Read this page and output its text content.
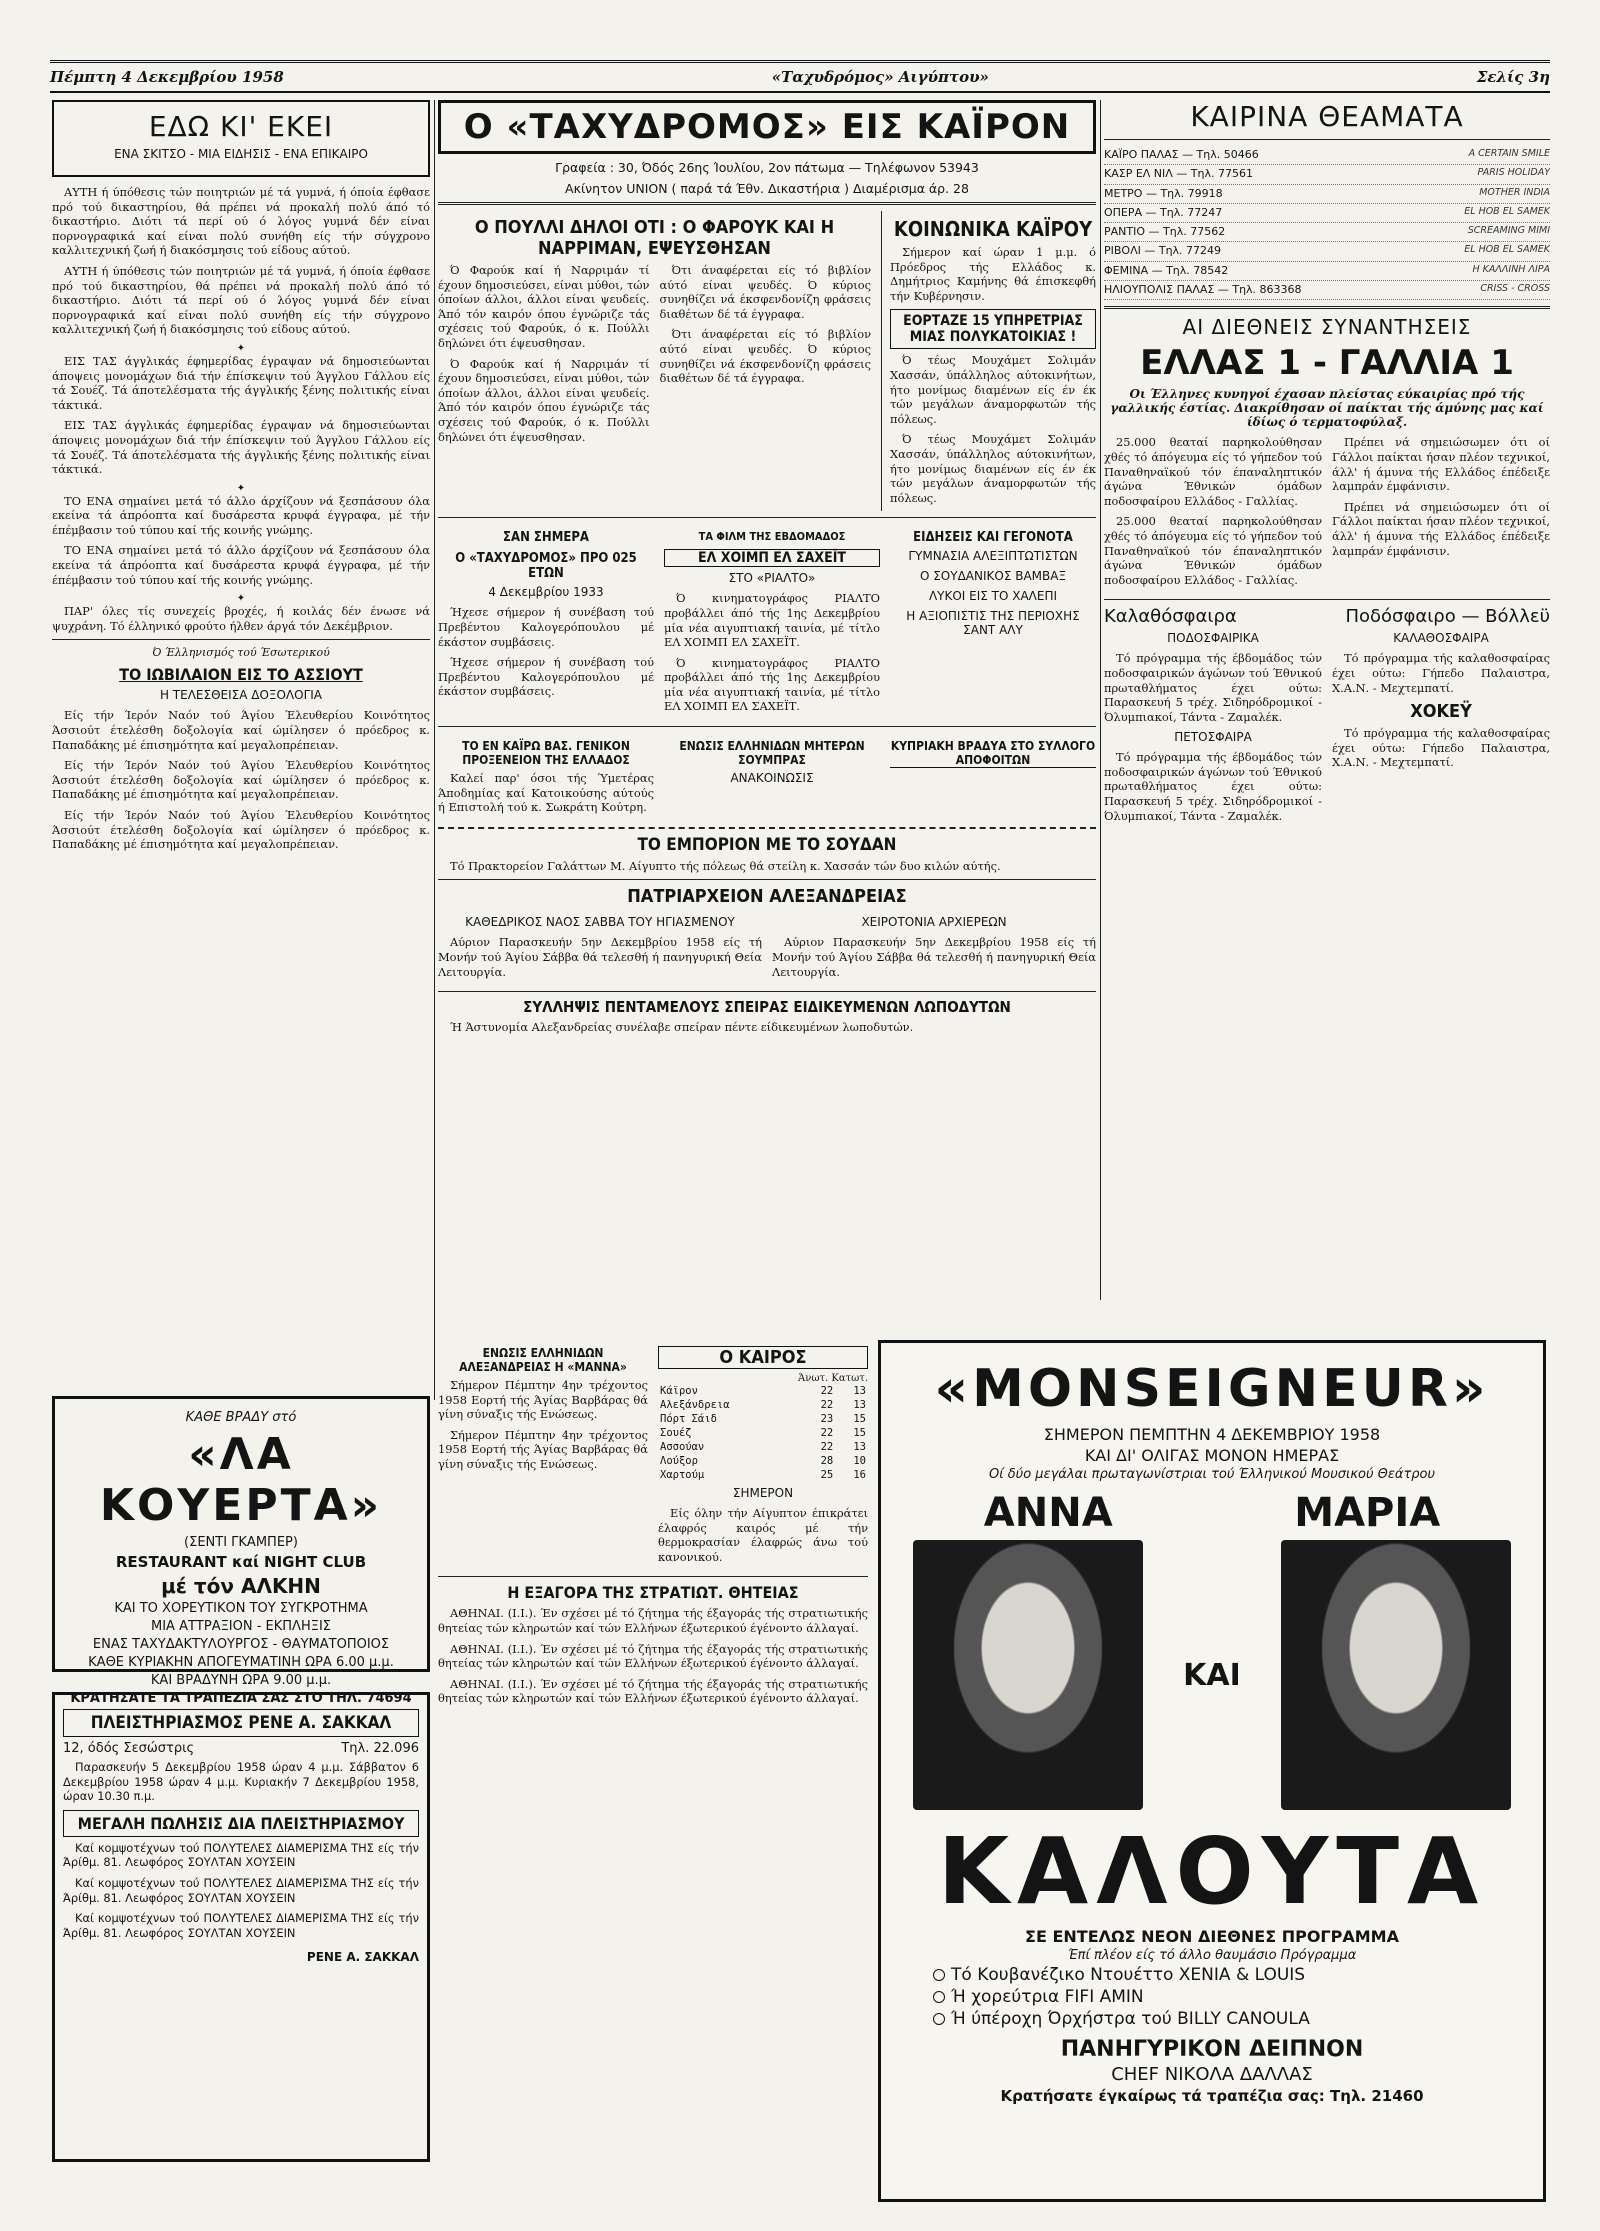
Πέμπτη 4 Δεκεμβρίου 1958	«Ταχυδρόμος» Αιγύπτου»	Σελίς 3η
ΕΔΩ ΚΙ' ΕΚΕΙ
ΕΝΑ ΣΚΙΤΣΟ - ΜΙΑ ΕΙΔΗΣΙΣ - ΕΝΑ ΕΠΙΚΑΙΡΟ

ΑΥΤΗ ή ύπόθεσις τών ποιητριών μέ τά γυμνά, ή όποία έφθασε πρό τού δικαστηρίου, θά πρέπει νά προκαλή πολύ άπό τό δικαστήριο. Διότι τά περί ού ό λόγος γυμνά δέν είναι πορνογραφικά καί είναι πολύ συνήθη είς τήν σύγχρονο καλλιτεχνική ζωή ή διακόσμησις τού είδους αύτού.

ΑΥΤΗ ή ύπόθεσις τών ποιητριών μέ τά γυμνά, ή όποία έφθασε πρό τού δικαστηρίου, θά πρέπει νά προκαλή πολύ άπό τό δικαστήριο. Διότι τά περί ού ό λόγος γυμνά δέν είναι πορνογραφικά καί είναι πολύ συνήθη είς τήν σύγχρονο καλλιτεχνική ζωή ή διακόσμησις τού είδους αύτού.

✦

ΕΙΣ ΤΑΣ άγγλικάς έφημερίδας έγραψαν νά δημοσιεύωνται άποψεις μονομάχων διά τήν έπίσκεψιν τού Άγγλου Γάλλου είς τά Σουέζ. Τά άποτελέσματα τής άγγλικής ξένης πολιτικής είναι τάκτικά.

ΕΙΣ ΤΑΣ άγγλικάς έφημερίδας έγραψαν νά δημοσιεύωνται άποψεις μονομάχων διά τήν έπίσκεψιν τού Άγγλου Γάλλου είς τά Σουέζ. Τά άποτελέσματα τής άγγλικής ξένης πολιτικής είναι τάκτικά.

✦

ΤΟ ΕΝΑ σημαίνει μετά τό άλλο άρχίζουν νά ξεσπάσουν όλα εκείνα τά άπρόοπτα καί δυσάρεστα κρυφά έγγραφα, μέ τήν έπέμβασιν τού τύπου καί τής κοινής γνώμης.

ΤΟ ΕΝΑ σημαίνει μετά τό άλλο άρχίζουν νά ξεσπάσουν όλα εκείνα τά άπρόοπτα καί δυσάρεστα κρυφά έγγραφα, μέ τήν έπέμβασιν τού τύπου καί τής κοινής γνώμης.

✦

ΠΑΡ' όλες τίς συνεχείς βροχές, ή κοιλάς δέν ένωσε νά ψυχράνη. Τό έλληνικό φρούτο ήλθεν άργά τόν Δεκέμβριον.

Ό Έλληνισμός τού Έσωτερικού
ΤΟ ΙΩΒΙΛΑΙΟΝ ΕΙΣ ΤΟ ΑΣΣΙΟΥΤ
Η ΤΕΛΕΣΘΕΙΣΑ ΔΟΞΟΛΟΓΙΑ

Είς τήν Ίερόν Ναόν τού Άγίου Έλευθερίου Κοινότητος Άσσιούτ έτελέσθη δοξολογία καί ώμίλησεν ό πρόεδρος κ. Παπαδάκης μέ έπισημότητα καί μεγαλοπρέπειαν.

Είς τήν Ίερόν Ναόν τού Άγίου Έλευθερίου Κοινότητος Άσσιούτ έτελέσθη δοξολογία καί ώμίλησεν ό πρόεδρος κ. Παπαδάκης μέ έπισημότητα καί μεγαλοπρέπειαν.

Είς τήν Ίερόν Ναόν τού Άγίου Έλευθερίου Κοινότητος Άσσιούτ έτελέσθη δοξολογία καί ώμίλησεν ό πρόεδρος κ. Παπαδάκης μέ έπισημότητα καί μεγαλοπρέπειαν.

ΚΑΘΕ ΒΡΑΔΥ στό
«ΛΑ ΚΟΥΕΡΤΑ»
(ΣΕΝΤΙ ΓΚΑΜΠΕΡ)
RESTAURANT καί NIGHT CLUB
μέ τόν ΑΛΚΗΝ
ΚΑΙ ΤΟ ΧΟΡΕΥΤΙΚΟΝ ΤΟΥ ΣΥΓΚΡΟΤΗΜΑ
ΜΙΑ ΑΤΤΡΑΞΙΟΝ - ΕΚΠΛΗΞΙΣ
ΕΝΑΣ ΤΑΧΥΔΑΚΤΥΛΟΥΡΓΟΣ - ΘΑΥΜΑΤΟΠΟΙΟΣ
ΚΑΘΕ ΚΥΡΙΑΚΗΝ ΑΠΟΓΕΥΜΑΤΙΝΗ ΩΡΑ 6.00 μ.μ.
ΚΑΙ ΒΡΑΔΥΝΗ ΩΡΑ 9.00 μ.μ.
ΚΡΑΤΗΣΑΤΕ ΤΑ ΤΡΑΠΕΖΙΑ ΣΑΣ ΣΤΟ ΤΗΛ. 74694
ΠΛΕΙΣΤΗΡΙΑΣΜΟΣ ΡΕΝΕ Α. ΣΑΚΚΑΛ
12, όδός Σεσώστρις	Τηλ. 22.096

Παρασκευήν 5 Δεκεμβρίου 1958 ώραν 4 μ.μ. Σάββατον 6 Δεκεμβρίου 1958 ώραν 4 μ.μ. Κυριακήν 7 Δεκεμβρίου 1958, ώραν 10.30 π.μ.

ΜΕΓΑΛΗ ΠΩΛΗΣΙΣ ΔΙΑ ΠΛΕΙΣΤΗΡΙΑΣΜΟΥ

Καί κομψοτέχνων τού ΠΟΛΥΤΕΛΕΣ ΔΙΑΜΕΡΙΣΜΑ ΤΗΣ είς τήν Άρίθμ. 81. Λεωφόρος ΣΟΥΛΤΑΝ ΧΟΥΣΕΙΝ

Καί κομψοτέχνων τού ΠΟΛΥΤΕΛΕΣ ΔΙΑΜΕΡΙΣΜΑ ΤΗΣ είς τήν Άρίθμ. 81. Λεωφόρος ΣΟΥΛΤΑΝ ΧΟΥΣΕΙΝ

Καί κομψοτέχνων τού ΠΟΛΥΤΕΛΕΣ ΔΙΑΜΕΡΙΣΜΑ ΤΗΣ είς τήν Άρίθμ. 81. Λεωφόρος ΣΟΥΛΤΑΝ ΧΟΥΣΕΙΝ

ΡΕΝΕ Α. ΣΑΚΚΑΛ
Ο «ΤΑΧΥΔΡΟΜΟΣ» ΕΙΣ ΚΑΪΡΟΝ
Γραφεία : 30, Όδός 26ης Ίουλίου, 2ον πάτωμα — Τηλέφωνον 53943
Ακίνητον UNION ( παρά τά Έθν. Δικαστήρια ) Διαμέρισμα άρ. 28
Ο ΠΟΥΛΛΙ ΔΗΛΟΙ ΟΤΙ : Ο ΦΑΡΟΥΚ ΚΑΙ Η ΝΑΡΡΙΜΑΝ, ΕΨΕΥΣΘΗΣΑΝ

Ό Φαρούκ καί ή Ναρριμάν τί έχουν δημοσιεύσει, είναι μύθοι, τών όποίων άλλοι, άλλοι είναι ψευδείς. Άπό τόν καιρόν όπου έγνώριζε τάς σχέσεις τού Φαρούκ, ό κ. Πούλλι δηλώνει ότι έψευσθησαν.

Ό Φαρούκ καί ή Ναρριμάν τί έχουν δημοσιεύσει, είναι μύθοι, τών όποίων άλλοι, άλλοι είναι ψευδείς. Άπό τόν καιρόν όπου έγνώριζε τάς σχέσεις τού Φαρούκ, ό κ. Πούλλι δηλώνει ότι έψευσθησαν.

Ότι άναφέρεται είς τό βιβλίον αύτό είναι ψευδές. Ό κύριος συνηθίζει νά έκσφενδονίζη φράσεις διαθέτων δέ τά έγγραφα.

Ότι άναφέρεται είς τό βιβλίον αύτό είναι ψευδές. Ό κύριος συνηθίζει νά έκσφενδονίζη φράσεις διαθέτων δέ τά έγγραφα.

ΚΟΙΝΩΝΙΚΑ ΚΑΪΡΟΥ

Σήμερον καί ώραν 1 μ.μ. ό Πρόεδρος τής Ελλάδος κ. Δημήτριος Καμήνης θά έπισκεφθή τήν Κυβέρνησιν.

ΕΟΡΤΑΖΕ 15 ΥΠΗΡΕΤΡΙΑΣ ΜΙΑΣ ΠΟΛΥΚΑΤΟΙΚΙΑΣ !

Ό τέως Μουχάμετ Σολιμάν Χασσάν, ύπάλληλος αύτοκινήτων, ήτο μονίμως διαμένων είς έν έκ τών μεγάλων άναμορφωτών τής πόλεως.

Ό τέως Μουχάμετ Σολιμάν Χασσάν, ύπάλληλος αύτοκινήτων, ήτο μονίμως διαμένων είς έν έκ τών μεγάλων άναμορφωτών τής πόλεως.

ΣΑΝ ΣΗΜΕΡΑ
Ο «ΤΑΧΥΔΡΟΜΟΣ» ΠΡΟ 025 ΕΤΩΝ
4 Δεκεμβρίου 1933

Ήχεσε σήμερον ή συνέβαση τού Πρεβέντου Καλογερόπουλου μέ έκάστον συμβάσεις.

Ήχεσε σήμερον ή συνέβαση τού Πρεβέντου Καλογερόπουλου μέ έκάστον συμβάσεις.

ΤΑ ΦΙΛΜ ΤΗΣ ΕΒΔΟΜΑΔΟΣ
ΕΛ ΧΟΙΜΠ ΕΛ ΣΑΧΕΪΤ
ΣΤΟ «ΡΙΑΛΤΟ»

Ό κινηματογράφος ΡΙΑΛΤΟ προβάλλει άπό τής 1ης Δεκεμβρίου μία νέα αιγυπτιακή ταινία, μέ τίτλο ΕΛ ΧΟΙΜΠ ΕΛ ΣΑΧΕΪΤ.

Ό κινηματογράφος ΡΙΑΛΤΟ προβάλλει άπό τής 1ης Δεκεμβρίου μία νέα αιγυπτιακή ταινία, μέ τίτλο ΕΛ ΧΟΙΜΠ ΕΛ ΣΑΧΕΪΤ.

ΕΙΔΗΣΕΙΣ ΚΑΙ ΓΕΓΟΝΟΤΑ
ΓΥΜΝΑΣΙΑ ΑΛΕΞΙΠΤΩΤΙΣΤΩΝ
Ο ΣΟΥΔΑΝΙΚΟΣ ΒΑΜΒΑΞ
ΛΥΚΟΙ ΕΙΣ ΤΟ ΧΑΛΕΠΙ
Η ΑΞΙΟΠΙΣΤΙΣ ΤΗΣ ΠΕΡΙΟΧΗΣ ΣΑΝΤ ΑΛΥ
ΤΟ ΕΝ ΚΑΪΡΩ ΒΑΣ. ΓΕΝΙΚΟΝ ΠΡΟΞΕΝΕΙΟΝ ΤΗΣ ΕΛΛΑΔΟΣ

Καλεί παρ' όσοι τής Ύμετέρας Άποδημίας καί Κατοικούσης αύτούς ή Επιστολή τού κ. Σωκράτη Κούτρη.

ΕΝΩΣΙΣ ΕΛΛΗΝΙΔΩΝ ΜΗΤΕΡΩΝ ΣΟΥΜΠΡΑΣ
ΑΝΑΚΟΙΝΩΣΙΣ
ΚΥΠΡΙΑΚΗ ΒΡΑΔΥΑ ΣΤΟ ΣΥΛΛΟΓΟ ΑΠΟΦΟΙΤΩΝ
ΤΟ ΕΜΠΟΡΙΟΝ ΜΕ ΤΟ ΣΟΥΔΑΝ

Τό Πρακτορείον Γαλάττων Μ. Αίγυπτο τής πόλεως θά στείλη κ. Χασσάν τών δυο κιλών αύτής.

ΠΑΤΡΙΑΡΧΕΙΟΝ ΑΛΕΞΑΝΔΡΕΙΑΣ
ΚΑΘΕΔΡΙΚΟΣ ΝΑΟΣ ΣΑΒΒΑ ΤΟΥ ΗΓΙΑΣΜΕΝΟΥ

Αύριον Παρασκευήν 5ην Δεκεμβρίου 1958 είς τή Μονήν τού Άγίου Σάββα θά τελεσθή ή πανηγυρική Θεία Λειτουργία.

ΧΕΙΡΟΤΟΝΙΑ ΑΡΧΙΕΡΕΩΝ

Αύριον Παρασκευήν 5ην Δεκεμβρίου 1958 είς τή Μονήν τού Άγίου Σάββα θά τελεσθή ή πανηγυρική Θεία Λειτουργία.

ΣΥΛΛΗΨΙΣ ΠΕΝΤΑΜΕΛΟΥΣ ΣΠΕΙΡΑΣ ΕΙΔΙΚΕΥΜΕΝΩΝ ΛΩΠΟΔΥΤΩΝ

Ή Άστυνομία Αλεξανδρείας συνέλαβε σπείραν πέντε είδικευμένων λωποδυτών.

ΕΝΩΣΙΣ ΕΛΛΗΝΙΔΩΝ ΑΛΕΞΑΝΔΡΕΙΑΣ Η «ΜΑΝΝΑ»

Σήμερον Πέμπτην 4ην τρέχοντος 1958 Εορτή τής Άγίας Βαρβάρας θά γίνη σύναξις τής Ενώσεως.

Σήμερον Πέμπτην 4ην τρέχοντος 1958 Εορτή τής Άγίας Βαρβάρας θά γίνη σύναξις τής Ενώσεως.

Ο ΚΑΙΡΟΣ
Άνωτ. Κατωτ.
Κάϊρον	22	13
Αλεξάνδρεια	22	13
Πόρτ Σάιδ	23	15
Σουέζ	22	15
Ασσούαν	22	13
Λούξορ	28	10
Χαρτούμ	25	16
ΣΗΜΕΡΟΝ

Είς όλην τήν Αίγυπτον έπικράτει έλαφρός καιρός μέ τήν θερμοκρασίαν έλαφρώς άνω τού κανονικού.

Η ΕΞΑΓΟΡΑ ΤΗΣ ΣΤΡΑΤΙΩΤ. ΘΗΤΕΙΑΣ

ΑΘΗΝΑΙ. (Ι.Ι.). Έν σχέσει μέ τό ζήτημα τής έξαγοράς τής στρατιωτικής θητείας τών κληρωτών καί τών Ελλήνων έξωτερικού έγένοντο άλλαγαί.

ΑΘΗΝΑΙ. (Ι.Ι.). Έν σχέσει μέ τό ζήτημα τής έξαγοράς τής στρατιωτικής θητείας τών κληρωτών καί τών Ελλήνων έξωτερικού έγένοντο άλλαγαί.

ΑΘΗΝΑΙ. (Ι.Ι.). Έν σχέσει μέ τό ζήτημα τής έξαγοράς τής στρατιωτικής θητείας τών κληρωτών καί τών Ελλήνων έξωτερικού έγένοντο άλλαγαί.

ΚΑΙΡΙΝΑ ΘΕΑΜΑΤΑ
ΚΑΪΡΟ ΠΑΛΑΣ — Τηλ. 50466	A CERTAIN SMILE
ΚΑΣΡ ΕΛ ΝΙΛ — Τηλ. 77561	PARIS HOLIDAY
ΜΕΤΡΟ — Τηλ. 79918	MOTHER INDIA
ΟΠΕΡΑ — Τηλ. 77247	EL HOB EL SAMEK
ΡΑΝΤΙΟ — Τηλ. 77562	SCREAMING MIMI
ΡΙΒΟΛΙ — Τηλ. 77249	EL HOB EL SAMEK
ΦΕΜΙΝΑ — Τηλ. 78542	Η ΚΑΛΛΙΝΗ ΛΙΡΑ
ΗΛΙΟΥΠΟΛΙΣ ΠΑΛΑΣ — Τηλ. 863368	CRISS - CROSS
ΑΙ ΔΙΕΘΝΕΙΣ ΣΥΝΑΝΤΗΣΕΙΣ
ΕΛΛΑΣ 1 - ΓΑΛΛΙΑ 1
Οι Έλληνες κυνηγοί έχασαν πλείστας εύκαιρίας πρό τής γαλλικής έστίας. Διακρίθησαν οί παίκται τής άμύνης μας καί ίδίως ό τερματοφύλαξ.

25.000 θεαταί παρηκολούθησαν χθές τό άπόγευμα είς τό γήπεδον τού Παναθηναϊκού τόν έπαναληπτικόν άγώνα Έθνικών όμάδων ποδοσφαίρου Ελλάδος - Γαλλίας.

25.000 θεαταί παρηκολούθησαν χθές τό άπόγευμα είς τό γήπεδον τού Παναθηναϊκού τόν έπαναληπτικόν άγώνα Έθνικών όμάδων ποδοσφαίρου Ελλάδος - Γαλλίας.

Πρέπει νά σημειώσωμεν ότι οί Γάλλοι παίκται ήσαν πλέον τεχνικοί, άλλ' ή άμυνα τής Ελλάδος έπέδειξε λαμπράν έμφάνισιν.

Πρέπει νά σημειώσωμεν ότι οί Γάλλοι παίκται ήσαν πλέον τεχνικοί, άλλ' ή άμυνα τής Ελλάδος έπέδειξε λαμπράν έμφάνισιν.

Καλαθόσφαιρα	Ποδόσφαιρο — Βόλλεϋ
ΠΟΔΟΣΦΑΙΡΙΚΑ

Τό πρόγραμμα τής έβδομάδος τών ποδοσφαιρικών άγώνων τού Έθνικού πρωταθλήματος έχει ούτω: Παρασκευή 5 τρέχ. Σιδηρόδρομικοί - Όλυμπιακοί, Τάντα - Ζαμαλέκ.

ΠΕΤΟΣΦΑΙΡΑ

Τό πρόγραμμα τής έβδομάδος τών ποδοσφαιρικών άγώνων τού Έθνικού πρωταθλήματος έχει ούτω: Παρασκευή 5 τρέχ. Σιδηρόδρομικοί - Όλυμπιακοί, Τάντα - Ζαμαλέκ.

ΚΑΛΑΘΟΣΦΑΙΡΑ

Τό πρόγραμμα τής καλαθοσφαίρας έχει ούτω: Γήπεδο Παλαιστρα, Χ.Α.Ν. - Μεχτεμπατί.

ΧΟΚΕΫ

Τό πρόγραμμα τής καλαθοσφαίρας έχει ούτω: Γήπεδο Παλαιστρα, Χ.Α.Ν. - Μεχτεμπατί.

«MONSEIGNEUR»
ΣΗΜΕΡΟΝ ΠΕΜΠΤΗΝ 4 ΔΕΚΕΜΒΡΙΟΥ 1958
ΚΑΙ ΔΙ' ΟΛΙΓΑΣ ΜΟΝΟΝ ΗΜΕΡΑΣ
Οί δύο μεγάλαι πρωταγωνίστριαι τού Έλληνικού Μουσικού Θεάτρου
ΑΝΝΑ	ΜΑΡΙΑ
ΚΑΙ
ΚΑΛΟΥΤΑ
ΣΕ ΕΝΤΕΛΩΣ ΝΕΟΝ ΔΙΕΘΝΕΣ ΠΡΟΓΡΑΜΜΑ
Έπί πλέον είς τό άλλο θαυμάσιο Πρόγραμμα
Τό Κουβανέζικο Ντουέττο XENIA & LOUIS
Ή χορεύτρια FIFI AMIN
Ή ύπέροχη Όρχήστρα τού BILLY CANOULA
ΠΑΝΗΓΥΡΙΚΟΝ ΔΕΙΠΝΟΝ
CHEF ΝΙΚΟΛΑ ΔΑΛΛΑΣ
Κρατήσατε έγκαίρως τά τραπέζια σας: Τηλ. 21460
